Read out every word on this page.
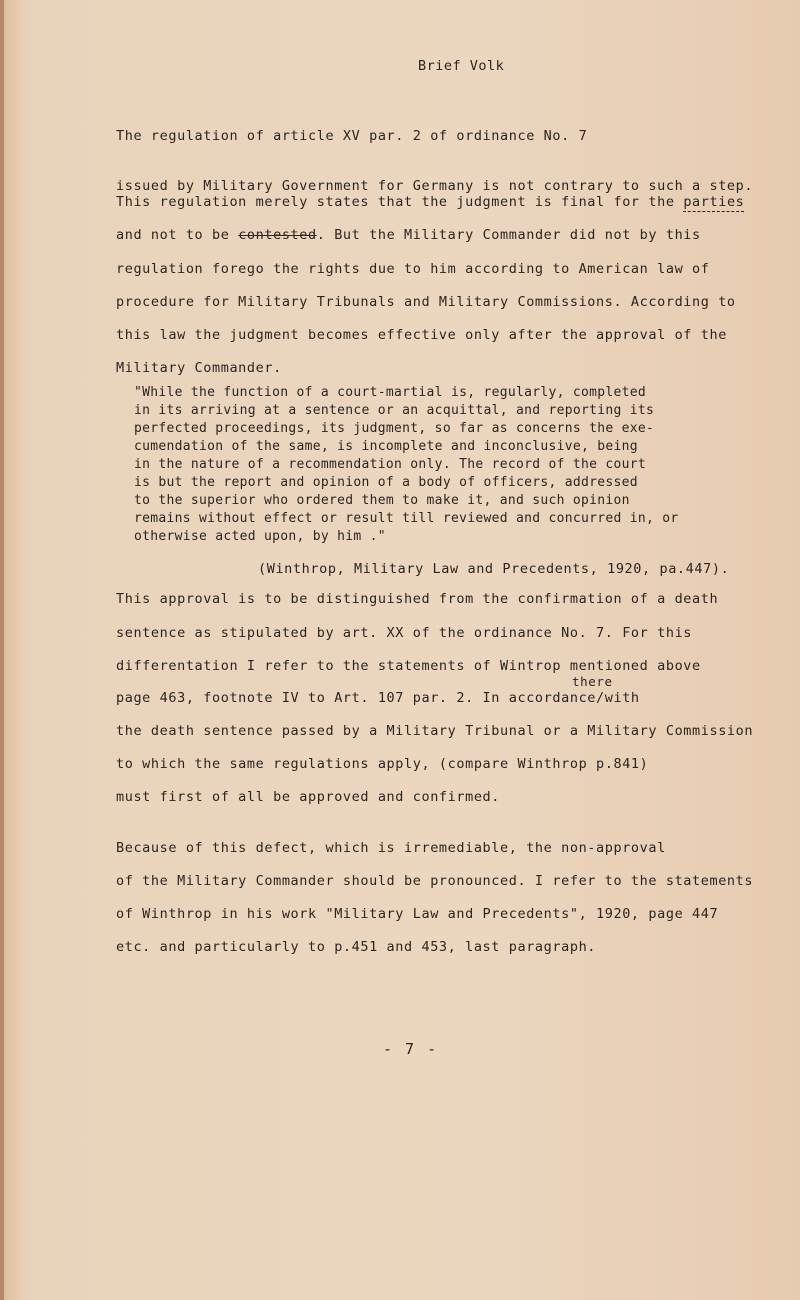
Brief Volk
The regulation of article XV par. 2 of ordinance No. 7
issued by Military Government for Germany is not contrary to such a step.
This regulation merely states that the judgment is final for the parties
and not to be contested. But the Military Commander did not by this
regulation forego the rights due to him according to American law of
procedure for Military Tribunals and Military Commissions. According to
this law the judgment becomes effective only after the approval of the
Military Commander.
"While the function of a court-martial is, regularly, completed
in its arriving at a sentence or an acquittal, and reporting its
perfected proceedings, its judgment, so far as concerns the exe-
cumendation of the same, is incomplete and inconclusive, being
in the nature of a recommendation only. The record of the court
is but the report and opinion of a body of officers, addressed
to the superior who ordered them to make it, and such opinion
remains without effect or result till reviewed and concurred in, or
otherwise acted upon, by him ."
(Winthrop, Military Law and Precedents, 1920, pa.447).
This approval is to be distinguished from the confirmation of a death
sentence as stipulated by art. XX of the ordinance No. 7. For this
differentation I refer to the statements of Wintrop mentioned above
there
page 463, footnote IV to Art. 107 par. 2. In accordance/with
the death sentence passed by a Military Tribunal or a Military Commission
to which the same regulations apply, (compare Winthrop p.841)
must first of all be approved and confirmed.
Because of this defect, which is irremediable, the non-approval
of the Military Commander should be pronounced. I refer to the statements
of Winthrop in his work "Military Law and Precedents", 1920, page 447
etc. and particularly to p.451 and 453, last paragraph.
- 7 -
